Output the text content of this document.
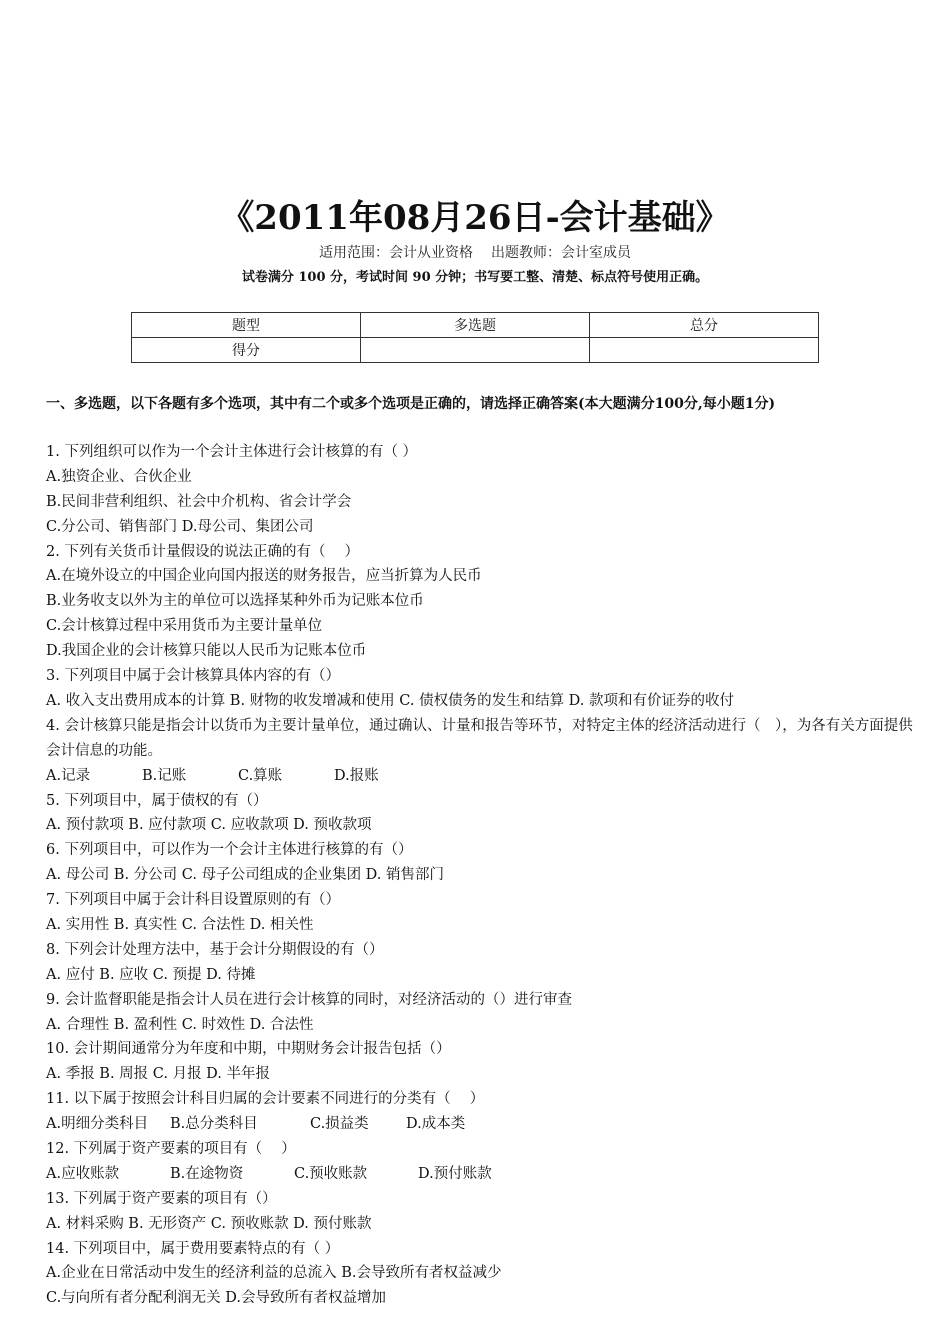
《2011年08月26日-会计基础》
适用范围：会计从业资格 出题教师：会计室成员
试卷满分 100 分，考试时间 90 分钟；书写要工整、清楚、标点符号使用正确。
题型	多选题	总分
得分		
一、多选题，以下各题有多个选项，其中有二个或多个选项是正确的，请选择正确答案(本大题满分100分,每小题1分)
1. 下列组织可以作为一个会计主体进行会计核算的有（ ）
A.独资企业、合伙企业
B.民间非营利组织、社会中介机构、省会计学会
C.分公司、销售部门 D.母公司、集团公司
2. 下列有关货币计量假设的说法正确的有（　 ）
A.在境外设立的中国企业向国内报送的财务报告，应当折算为人民币
B.业务收支以外为主的单位可以选择某种外币为记账本位币
C.会计核算过程中采用货币为主要计量单位
D.我国企业的会计核算只能以人民币为记账本位币
3. 下列项目中属于会计核算具体内容的有（）
A. 收入支出费用成本的计算 B. 财物的收发增减和使用 C. 债权债务的发生和结算 D. 款项和有价证券的收付
4. 会计核算只能是指会计以货币为主要计量单位，通过确认、计量和报告等环节，对特定主体的经济活动进行（　），为各有关方面提供会计信息的功能。
A.记录	B.记账	C.算账	D.报账
5. 下列项目中，属于债权的有（）
A. 预付款项 B. 应付款项 C. 应收款项 D. 预收款项
6. 下列项目中，可以作为一个会计主体进行核算的有（）
A. 母公司 B. 分公司 C. 母子公司组成的企业集团 D. 销售部门
7. 下列项目中属于会计科目设置原则的有（）
A. 实用性 B. 真实性 C. 合法性 D. 相关性
8. 下列会计处理方法中，基于会计分期假设的有（）
A. 应付 B. 应收 C. 预提 D. 待摊
9. 会计监督职能是指会计人员在进行会计核算的同时，对经济活动的（）进行审查
A. 合理性 B. 盈利性 C. 时效性 D. 合法性
10. 会计期间通常分为年度和中期，中期财务会计报告包括（）
A. 季报 B. 周报 C. 月报 D. 半年报
11. 以下属于按照会计科目归属的会计要素不同进行的分类有（　 ）
A.明细分类科目 B.总分类科目	C.损益类	D.成本类
12. 下列属于资产要素的项目有（　 ）
A.应收账款	B.在途物资	C.预收账款	D.预付账款
13. 下列属于资产要素的项目有（）
A. 材料采购 B. 无形资产 C. 预收账款 D. 预付账款
14. 下列项目中，属于费用要素特点的有（ ）
A.企业在日常活动中发生的经济利益的总流入 B.会导致所有者权益减少
C.与向所有者分配利润无关 D.会导致所有者权益增加
